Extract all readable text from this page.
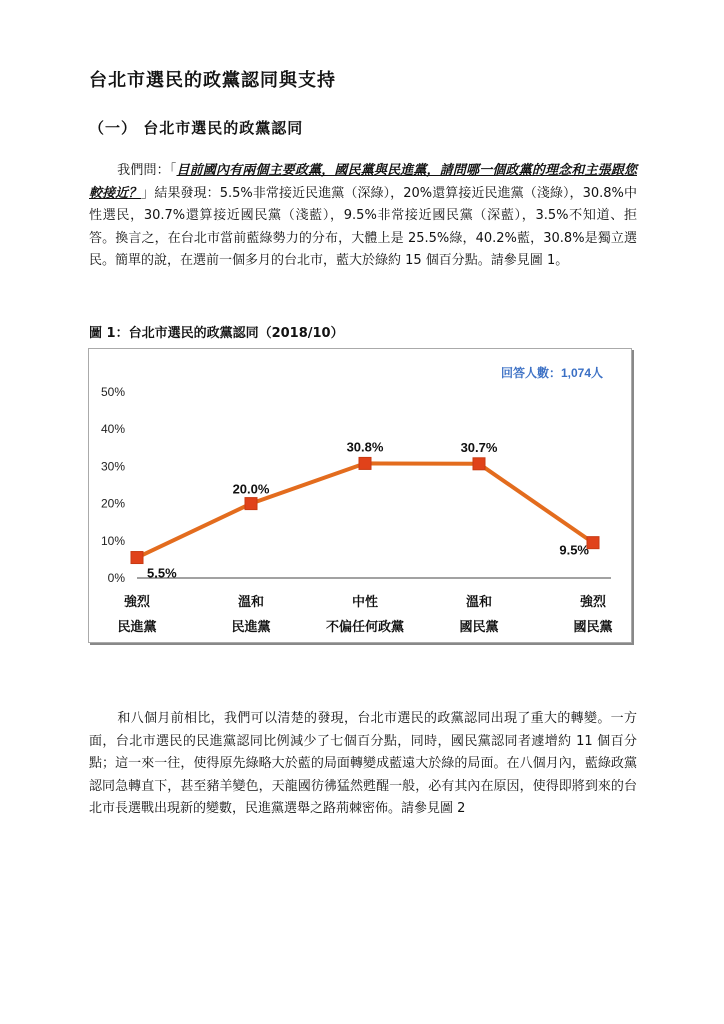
台北市選民的政黨認同與支持
（一） 台北市選民的政黨認同
我們問：「目前國內有兩個主要政黨，國民黨與民進黨，請問哪一個政黨的理念和主張跟您較接近？」結果發現：5.5%非常接近民進黨（深綠），20%還算接近民進黨（淺綠），30.8%中性選民，30.7%還算接近國民黨（淺藍），9.5%非常接近國民黨（深藍），3.5%不知道、拒答。換言之，在台北市當前藍綠勢力的分布，大體上是 25.5%綠，40.2%藍，30.8%是獨立選民。簡單的說，在選前一個多月的台北市，藍大於綠約 15 個百分點。請參見圖 1。
圖 1：台北市選民的政黨認同（2018/10）
0%
10%
20%
30%
40%
50%
5.5%
20.0%
30.8%	30.7%
9.5%
強烈
民進黨
溫和
民進黨
中性
不偏任何政黨
溫和
國民黨
強烈
國民黨
回答人數：1,074人
和八個月前相比，我們可以清楚的發現，台北市選民的政黨認同出現了重大的轉變。一方面，台北市選民的民進黨認同比例減少了七個百分點，同時，國民黨認同者遽增約 11 個百分點；這一來一往，使得原先綠略大於藍的局面轉變成藍遠大於綠的局面。在八個月內，藍綠政黨認同急轉直下，甚至豬羊變色，天龍國彷彿猛然甦醒一般，必有其內在原因，使得即將到來的台北市長選戰出現新的變數，民進黨選舉之路荊棘密佈。請參見圖 2
